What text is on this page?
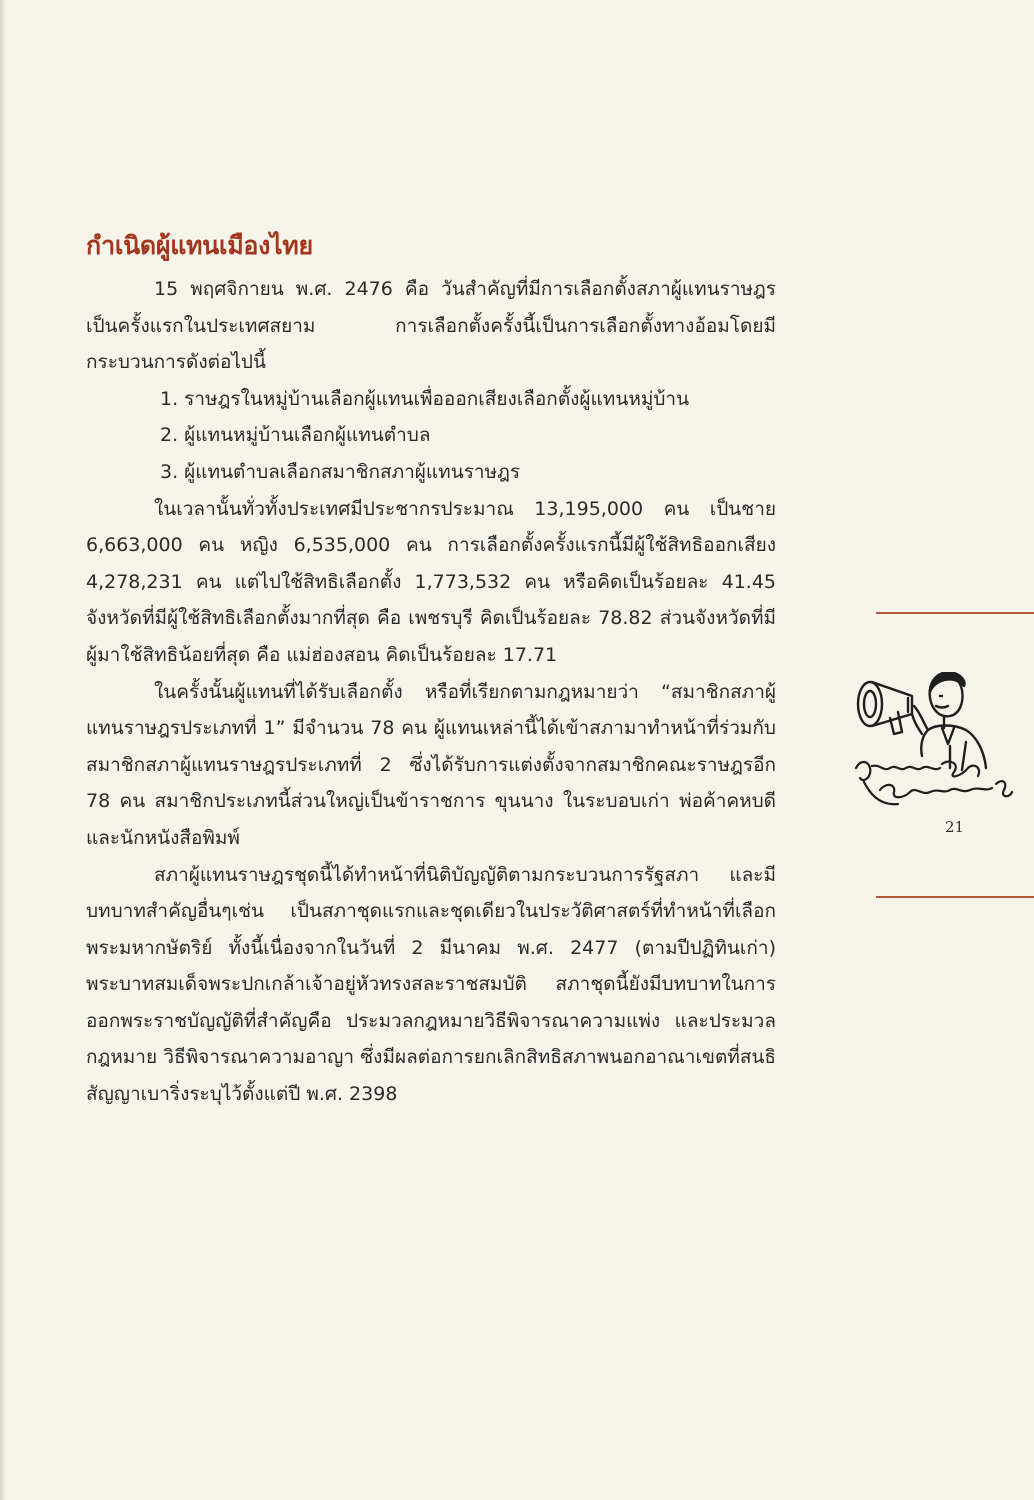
กำเนิดผู้แทนเมืองไทย

15 พฤศจิกายน พ.ศ. 2476 คือ วันสำคัญที่มีการเลือกตั้งสภาผู้แทนราษฎรเป็นครั้งแรกในประเทศสยาม การเลือกตั้งครั้งนี้เป็นการเลือกตั้งทางอ้อมโดยมีกระบวนการดังต่อไปนี้

1. ราษฎรในหมู่บ้านเลือกผู้แทนเพื่อออกเสียงเลือกตั้งผู้แทนหมู่บ้าน

2. ผู้แทนหมู่บ้านเลือกผู้แทนตำบล

3. ผู้แทนตำบลเลือกสมาชิกสภาผู้แทนราษฎร

ในเวลานั้นทั่วทั้งประเทศมีประชากรประมาณ 13,195,000 คน เป็นชาย 6,663,000 คน หญิง 6,535,000 คน การเลือกตั้งครั้งแรกนี้มีผู้ใช้สิทธิออกเสียง 4,278,231 คน แต่ไปใช้สิทธิเลือกตั้ง 1,773,532 คน หรือคิดเป็นร้อยละ 41.45 จังหวัดที่มีผู้ใช้สิทธิเลือกตั้งมากที่สุด คือ เพชรบุรี คิดเป็นร้อยละ 78.82 ส่วนจังหวัดที่มีผู้มาใช้สิทธิน้อยที่สุด คือ แม่ฮ่องสอน คิดเป็นร้อยละ 17.71

ในครั้งนั้นผู้แทนที่ได้รับเลือกตั้ง หรือที่เรียกตามกฎหมายว่า “สมาชิกสภาผู้แทนราษฎรประเภทที่ 1” มีจำนวน 78 คน ผู้แทนเหล่านี้ได้เข้าสภามาทำหน้าที่ร่วมกับสมาชิกสภาผู้แทนราษฎรประเภทที่ 2 ซึ่งได้รับการแต่งตั้งจากสมาชิกคณะราษฎรอีก 78 คน สมาชิกประเภทนี้ส่วนใหญ่เป็นข้าราชการ ขุนนาง ในระบอบเก่า พ่อค้าคหบดี และนักหนังสือพิมพ์

สภาผู้แทนราษฎรชุดนี้ได้ทำหน้าที่นิติบัญญัติตามกระบวนการรัฐสภา และมีบทบาทสำคัญอื่นๆเช่น เป็นสภาชุดแรกและชุดเดียวในประวัติศาสตร์ที่ทำหน้าที่เลือกพระมหากษัตริย์ ทั้งนี้เนื่องจากในวันที่ 2 มีนาคม พ.ศ. 2477 (ตามปีปฏิทินเก่า) พระบาทสมเด็จพระปกเกล้าเจ้าอยู่หัวทรงสละราชสมบัติ สภาชุดนี้ยังมีบทบาทในการออกพระราชบัญญัติที่สำคัญคือ ประมวลกฎหมายวิธีพิจารณาความแพ่ง และประมวลกฎหมาย วิธีพิจารณาความอาญา ซึ่งมีผลต่อการยกเลิกสิทธิสภาพนอกอาณาเขตที่สนธิสัญญาเบาริ่งระบุไว้ตั้งแต่ปี พ.ศ. 2398

21
